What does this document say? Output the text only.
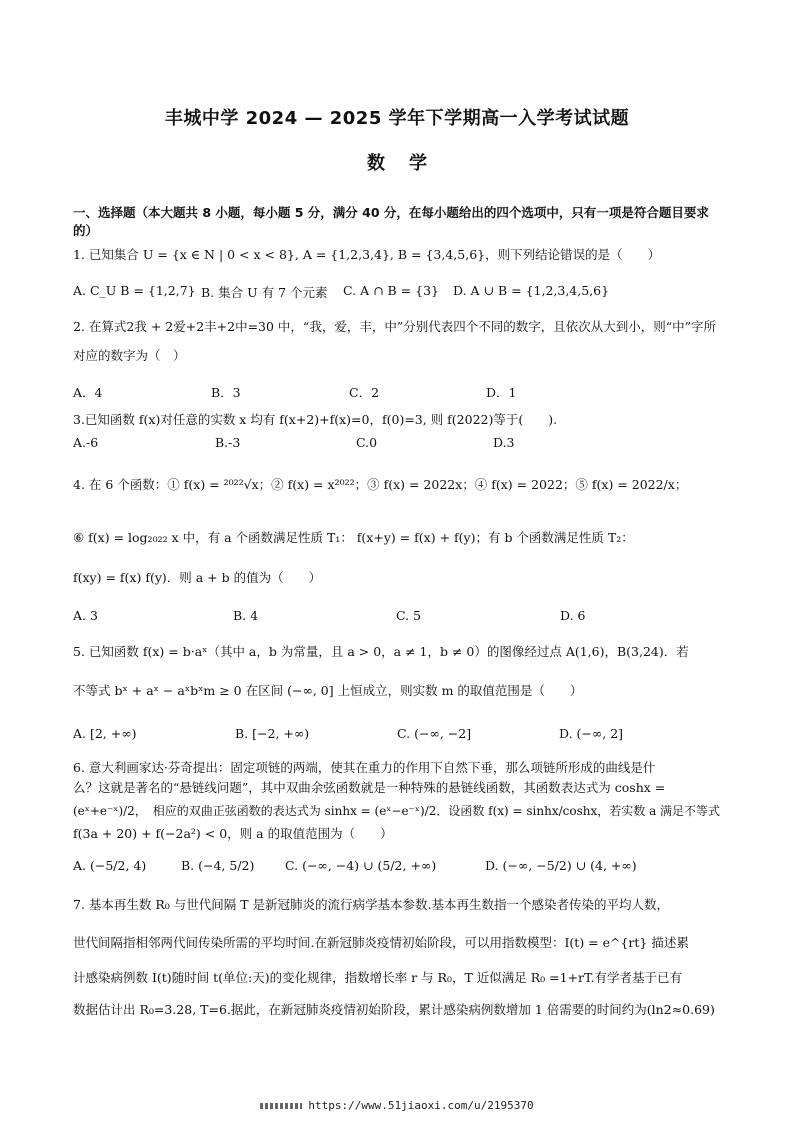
丰城中学 2024 — 2025 学年下学期高一入学考试试题
数学
一、选择题（本大题共 8 小题，每小题 5 分，满分 40 分，在每小题给出的四个选项中，只有一项是符合题目要求的）
1. 已知集合 U = {x ∈ N | 0 < x < 8}, A = {1,2,3,4}, B = {3,4,5,6}，则下列结论错误的是（　　）
A. C_U B = {1,2,7} B. 集合 U 有 7 个元素 C. A ∩ B = {3} D. A ∪ B = {1,2,3,4,5,6}
2. 在算式2我 + 2爱+2丰+2中=30 中，“我，爱，丰，中”分别代表四个不同的数字，且依次从大到小，则“中”字所
对应的数字为（　）
A．4	B．3	C．2	D．1
3.已知函数 f(x)对任意的实数 x 均有 f(x+2)+f(x)=0，f(0)=3, 则 f(2022)等于(　　).
A.-6	B.-3	C.0	D.3
4. 在 6 个函数：① f(x) = ²⁰²²√x；② f(x) = x²⁰²²；③ f(x) = 2022x；④ f(x) = 2022；⑤ f(x) = 2022/x；
⑥ f(x) = log₂₀₂₂ x 中，有 a 个函数满足性质 T₁： f(x+y) = f(x) + f(y)；有 b 个函数满足性质 T₂：
f(xy) = f(x) f(y)．则 a + b 的值为（　　）
A. 3	B. 4	C. 5	D. 6
5. 已知函数 f(x) = b·aˣ（其中 a，b 为常量，且 a > 0，a ≠ 1，b ≠ 0）的图像经过点 A(1,6)，B(3,24)．若
不等式 bˣ + aˣ − aˣbˣm ≥ 0 在区间 (−∞, 0] 上恒成立，则实数 m 的取值范围是（　　）
A. [2, +∞)	B. [−2, +∞)	C. (−∞, −2]	D. (−∞, 2]
6. 意大利画家达·芬奇提出：固定项链的两端，使其在重力的作用下自然下垂，那么项链所形成的曲线是什
么？这就是著名的“悬链线问题”，其中双曲余弦函数就是一种特殊的悬链线函数，其函数表达式为 coshx =
(eˣ+e⁻ˣ)/2，　相应的双曲正弦函数的表达式为 sinhx = (eˣ−e⁻ˣ)/2．设函数 f(x) = sinhx/coshx，若实数 a 满足不等式
f(3a + 20) + f(−2a²) < 0，则 a 的取值范围为（　　）
A. (−5/2, 4)	B. (−4, 5/2) C. (−∞, −4) ∪ (5/2, +∞)	D. (−∞, −5/2) ∪ (4, +∞)
7. 基本再生数 R₀ 与世代间隔 T 是新冠肺炎的流行病学基本参数.基本再生数指一个感染者传染的平均人数，
世代间隔指相邻两代间传染所需的平均时间.在新冠肺炎疫情初始阶段，可以用指数模型：I(t) = e^{rt} 描述累
计感染病例数 I(t)随时间 t(单位:天)的变化规律，指数增长率 r 与 R₀，T 近似满足 R₀ =1+rT.有学者基于已有
数据估计出 R₀=3.28, T=6.据此，在新冠肺炎疫情初始阶段，累计感染病例数增加 1 倍需要的时间约为(ln2≈0.69)
https://www.51jiaoxi.com/u/2195370
